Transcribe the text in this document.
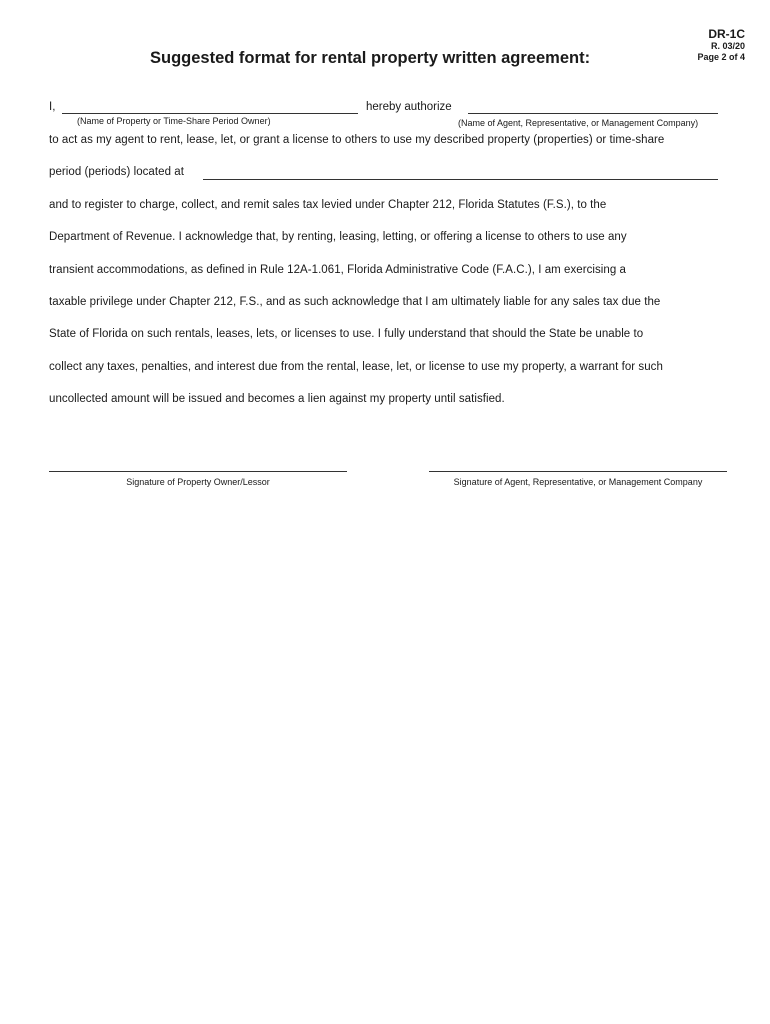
DR-1C
R. 03/20
Page 2 of 4
Suggested format for rental property written agreement:
I,	hereby authorize
(Name of Property or Time-Share Period Owner)	(Name of Agent, Representative, or Management Company)
to act as my agent to rent, lease, let, or grant a license to others to use my described property (properties) or time-share
period (periods) located at
and to register to charge, collect, and remit sales tax levied under Chapter 212, Florida Statutes (F.S.), to the
Department of Revenue. I acknowledge that, by renting, leasing, letting, or offering a license to others to use any
transient accommodations, as defined in Rule 12A-1.061, Florida Administrative Code (F.A.C.), I am exercising a
taxable privilege under Chapter 212, F.S., and as such acknowledge that I am ultimately liable for any sales tax due the
State of Florida on such rentals, leases, lets, or licenses to use. I fully understand that should the State be unable to
collect any taxes, penalties, and interest due from the rental, lease, let, or license to use my property, a warrant for such
uncollected amount will be issued and becomes a lien against my property until satisfied.
Signature of Property Owner/Lessor	Signature of Agent, Representative, or Management Company
